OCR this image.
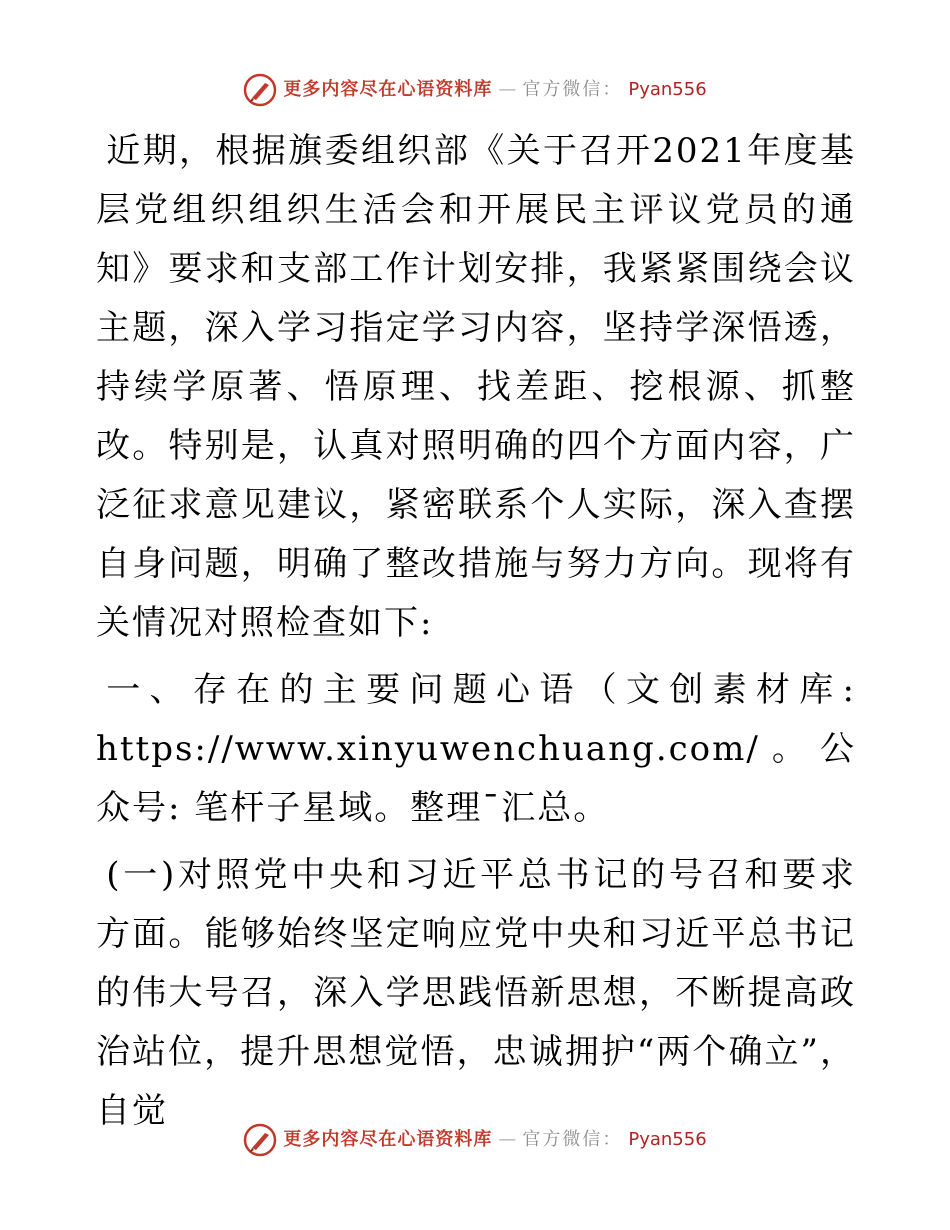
更多内容尽在心语资料库 — 官方微信： Pyan556

近期，根据旗委组织部《关于召开2021年度基层党组织组织生活会和开展民主评议党员的通知》要求和支部工作计划安排，我紧紧围绕会议主题，深入学习指定学习内容，坚持学深悟透，持续学原著、悟原理、找差距、挖根源、抓整改。特别是，认真对照明确的四个方面内容，广泛征求意见建议，紧密联系个人实际，深入查摆自身问题，明确了整改措施与努力方向。现将有关情况对照检查如下:

一、存在的主要问题心语（文创素材库: https://www.xinyuwenchuang.com/。公众号: 笔杆子星域。整理¯汇总。

(一)对照党中央和习近平总书记的号召和要求方面。能够始终坚定响应党中央和习近平总书记的伟大号召，深入学思践悟新思想，不断提高政治站位，提升思想觉悟，忠诚拥护“两个确立”，自觉

更多内容尽在心语资料库 — 官方微信： Pyan556
